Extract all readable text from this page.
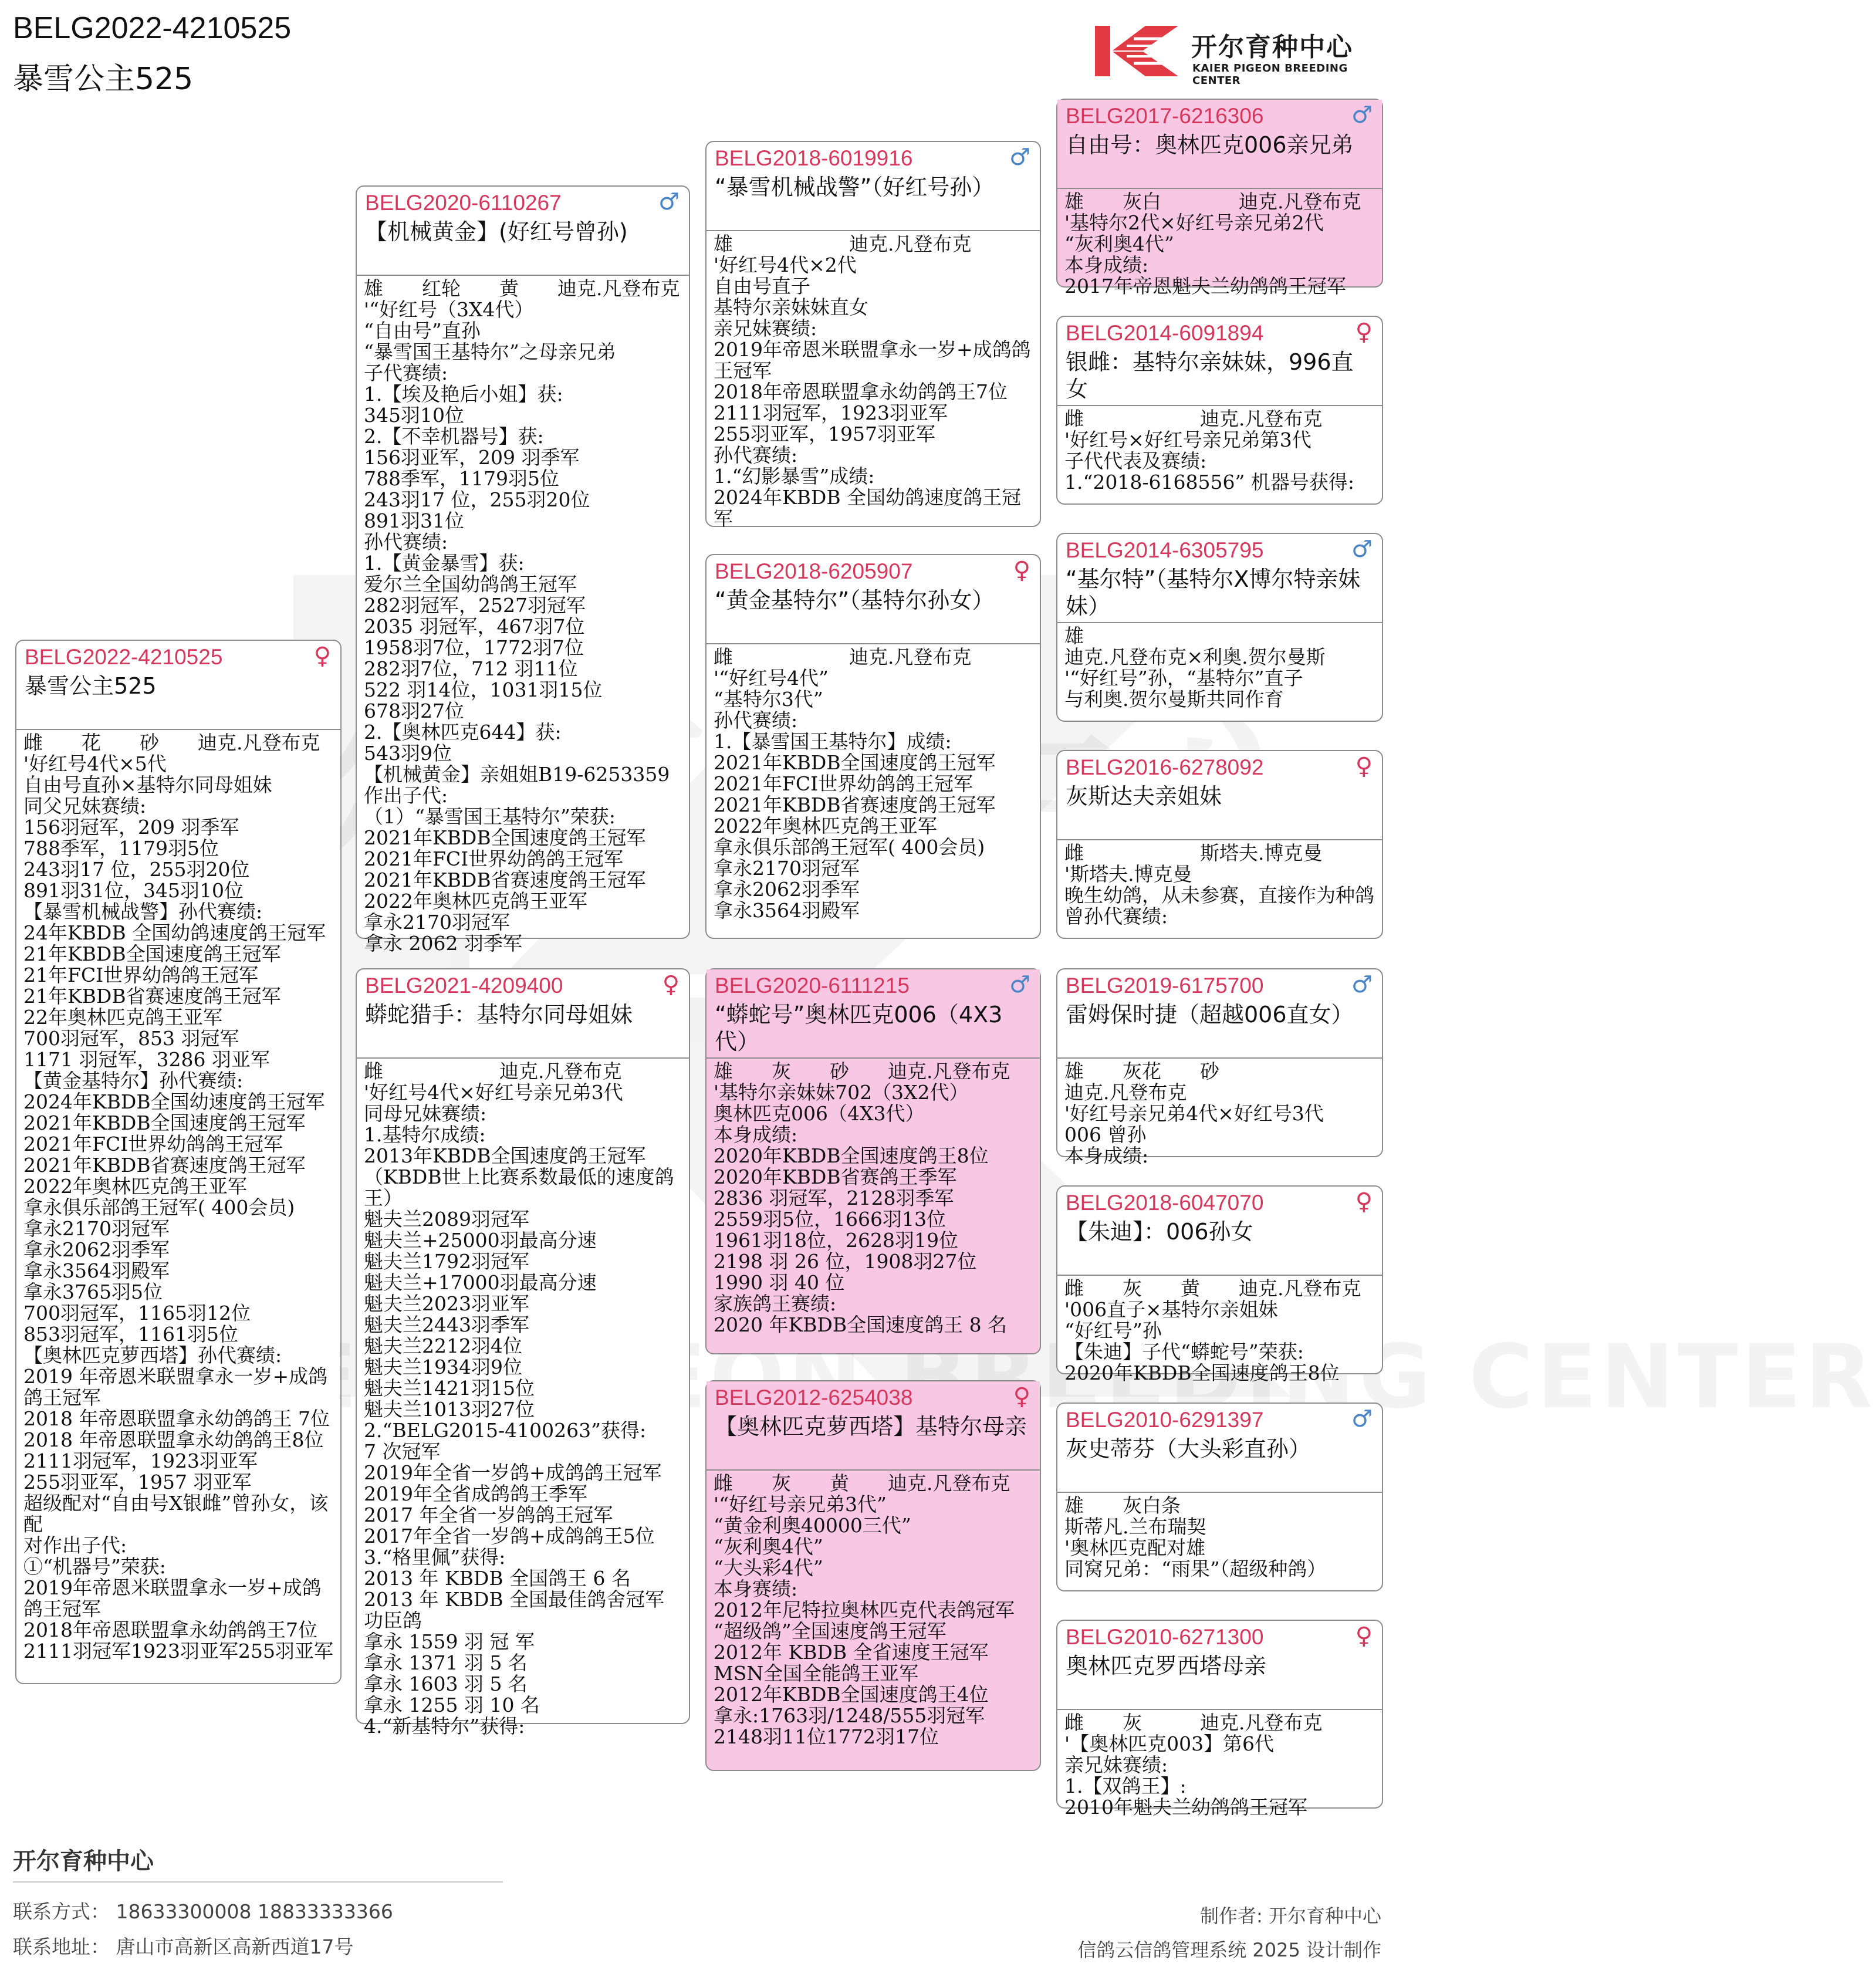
BELG2022-4210525
暴雪公主525
开尔育种中心
KAIER PIGEON BREEDING CENTER
BELG2022-4210525
暴雪公主525
♀
雌　　花　　砂　　迪克.凡登布克
'好红号4代×5代
自由号直孙×基特尔同母姐妹
同父兄妹赛绩:
156羽冠军，209 羽季军
788季军，1179羽5位
243羽17 位，255羽20位
891羽31位，345羽10位
【暴雪机械战警】孙代赛绩:
24年KBDB 全国幼鸽速度鸽王冠军
21年KBDB全国速度鸽王冠军
21年FCI世界幼鸽鸽王冠军
21年KBDB省赛速度鸽王冠军
22年奥林匹克鸽王亚军
700羽冠军，853 羽冠军
1171 羽冠军，3286 羽亚军
【黄金基特尔】孙代赛绩:
2024年KBDB全国幼速度鸽王冠军
2021年KBDB全国速度鸽王冠军
2021年FCI世界幼鸽鸽王冠军
2021年KBDB省赛速度鸽王冠军
2022年奥林匹克鸽王亚军
拿永俱乐部鸽王冠军( 400会员)
拿永2170羽冠军
拿永2062羽季军
拿永3564羽殿军
拿永3765羽5位
700羽冠军，1165羽12位
853羽冠军，1161羽5位
【奥林匹克萝西塔】孙代赛绩:
2019 年帝恩米联盟拿永一岁+成鸽鸽王冠军
2018 年帝恩联盟拿永幼鸽鸽王 7位
2018 年帝恩联盟拿永幼鸽鸽王8位
2111羽冠军，1923羽亚军
255羽亚军，1957 羽亚军
超级配对“自由号X银雌”曾孙女，该配
对作出子代:
①“机器号”荣获:
2019年帝恩米联盟拿永一岁+成鸽鸽王冠军
2018年帝恩联盟拿永幼鸽鸽王7位
2111羽冠军1923羽亚军255羽亚军
BELG2020-6110267
【机械黄金】(好红号曾孙)
♂
雄　　红轮　　黄　　迪克.凡登布克
'“好红号（3X4代）
“自由号”直孙
“暴雪国王基特尔”之母亲兄弟
子代赛绩:
1.【埃及艳后小姐】获:
345羽10位
2.【不幸机器号】获:
156羽亚军，209 羽季军
788季军，1179羽5位
243羽17 位，255羽20位
891羽31位
孙代赛绩:
1.【黄金暴雪】获:
爱尔兰全国幼鸽鸽王冠军
282羽冠军，2527羽冠军
2035 羽冠军，467羽7位
1958羽7位，1772羽7位
282羽7位，712 羽11位
522 羽14位，1031羽15位
678羽27位
2.【奥林匹克644】获:
543羽9位
【机械黄金】亲姐姐B19-6253359
作出子代:
（1）“暴雪国王基特尔”荣获:
2021年KBDB全国速度鸽王冠军
2021年FCI世界幼鸽鸽王冠军
2021年KBDB省赛速度鸽王冠军
2022年奥林匹克鸽王亚军
拿永2170羽冠军
拿永 2062 羽季军
BELG2021-4209400
蟒蛇猎手：基特尔同母姐妹
♀
雌　　　　　　迪克.凡登布克
'好红号4代×好红号亲兄弟3代
同母兄妹赛绩:
1.基特尔成绩:
2013年KBDB全国速度鸽王冠军
（KBDB世上比赛系数最低的速度鸽王）
魁夫兰2089羽冠军
魁夫兰+25000羽最高分速
魁夫兰1792羽冠军
魁夫兰+17000羽最高分速
魁夫兰2023羽亚军
魁夫兰2443羽季军
魁夫兰2212羽4位
魁夫兰1934羽9位
魁夫兰1421羽15位
魁夫兰1013羽27位
2.“BELG2015-4100263”获得:
7 次冠军
2019年全省一岁鸽+成鸽鸽王冠军
2019年全省成鸽鸽王季军
2017 年全省一岁鸽鸽王冠军
2017年全省一岁鸽+成鸽鸽王5位
3.“格里佩”获得:
2013 年 KBDB 全国鸽王 6 名
2013 年 KBDB 全国最佳鸽舍冠军
功臣鸽
拿永 1559 羽 冠 军
拿永 1371 羽 5 名
拿永 1603 羽 5 名
拿永 1255 羽 10 名
4.“新基特尔”获得:
BELG2018-6019916
“暴雪机械战警”（好红号孙）
♂
雄　　　　　　迪克.凡登布克
'好红号4代×2代
自由号直子
基特尔亲妹妹直女
亲兄妹赛绩:
2019年帝恩米联盟拿永一岁+成鸽鸽王冠军
2018年帝恩联盟拿永幼鸽鸽王7位
2111羽冠军，1923羽亚军
255羽亚军，1957羽亚军
孙代赛绩:
1.“幻影暴雪”成绩:
2024年KBDB 全国幼鸽速度鸽王冠军
BELG2018-6205907
“黄金基特尔”（基特尔孙女）
♀
雌　　　　　　迪克.凡登布克
'“好红号4代”
“基特尔3代”
孙代赛绩:
1.【暴雪国王基特尔】成绩:
2021年KBDB全国速度鸽王冠军
2021年FCI世界幼鸽鸽王冠军
2021年KBDB省赛速度鸽王冠军
2022年奥林匹克鸽王亚军
拿永俱乐部鸽王冠军( 400会员)
拿永2170羽冠军
拿永2062羽季军
拿永3564羽殿军
BELG2020-6111215
“蟒蛇号”奥林匹克006（4X3代）
♂
雄　　灰　　砂　　迪克.凡登布克
'基特尔亲妹妹702（3X2代）
奥林匹克006（4X3代）
本身成绩:
2020年KBDB全国速度鸽王8位
2020年KBDB省赛鸽王季军
2836 羽冠军，2128羽季军
2559羽5位，1666羽13位
1961羽18位，2628羽19位
2198 羽 26 位，1908羽27位
1990 羽 40 位
家族鸽王赛绩:
2020 年KBDB全国速度鸽王 8 名
BELG2012-6254038
【奥林匹克萝西塔】基特尔母亲
♀
雌　　灰　　黄　　迪克.凡登布克
'“好红号亲兄弟3代”
“黄金利奥40000三代”
“灰利奥4代”
“大头彩4代”
本身赛绩:
2012年尼特拉奥林匹克代表鸽冠军
“超级鸽”全国速度鸽王冠军
2012年 KBDB 全省速度王冠军
MSN全国全能鸽王亚军
2012年KBDB全国速度鸽王4位
拿永:1763羽/1248/555羽冠军
2148羽11位1772羽17位
BELG2017-6216306
自由号：奥林匹克006亲兄弟
♂
雄　　灰白　　　　迪克.凡登布克
'基特尔2代×好红号亲兄弟2代
“灰利奥4代”
本身成绩:
2017年帝恩魁夫兰幼鸽鸽王冠军
BELG2014-6091894
银雌：基特尔亲妹妹，996直女
♀
雌　　　　　　迪克.凡登布克
'好红号×好红号亲兄弟第3代
子代代表及赛绩:
1.“2018-6168556” 机器号获得:
BELG2014-6305795
“基尔特”（基特尔X博尔特亲妹妹）
♂
雄
迪克.凡登布克×利奥.贺尔曼斯
'“好红号”孙，“基特尔”直子
与利奥.贺尔曼斯共同作育
BELG2016-6278092
灰斯达夫亲姐妹
♀
雌　　　　　　斯塔夫.博克曼
'斯塔夫.博克曼
晚生幼鸽，从未参赛，直接作为种鸽
曾孙代赛绩:
BELG2019-6175700
雷姆保时捷（超越006直女）
♂
雄　　灰花　　砂
迪克.凡登布克
'好红号亲兄弟4代×好红号3代
006 曾孙
本身成绩:
BELG2018-6047070
【朱迪】：006孙女
♀
雌　　灰　　黄　　迪克.凡登布克
'006直子×基特尔亲姐妹
“好红号”孙
【朱迪】子代“蟒蛇号”荣获:
2020年KBDB全国速度鸽王8位
BELG2010-6291397
灰史蒂芬（大头彩直孙）
♂
雄　　灰白条
斯蒂凡.兰布瑞契
'奥林匹克配对雄
同窝兄弟：“雨果”（超级种鸽）
BELG2010-6271300
奥林匹克罗西塔母亲
♀
雌　　灰　　　迪克.凡登布克
'【奥林匹克003】第6代
亲兄妹赛绩:
1.【双鸽王】:
2010年魁夫兰幼鸽鸽王冠军
开尔育种中心
联系方式： 18633300008 18833333366
联系地址： 唐山市高新区高新西道17号
制作者: 开尔育种中心
信鸽云信鸽管理系统 2025 设计制作
